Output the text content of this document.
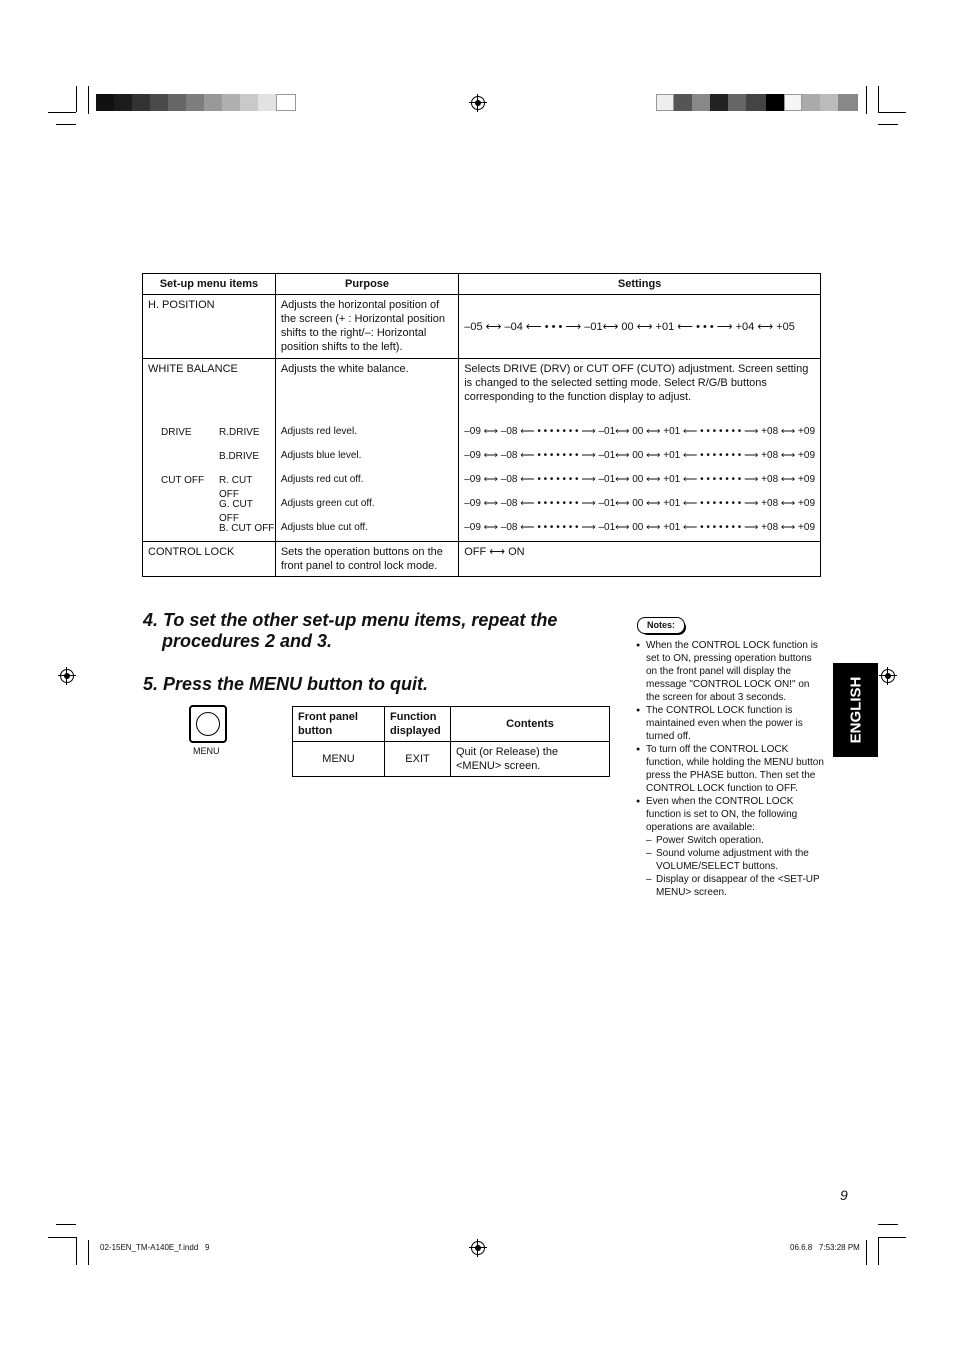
Set-up menu items	Purpose	Settings
H. POSITION	Adjusts the horizontal position of the screen (+ : Horizontal position shifts to the right/–: Horizontal position shifts to the left).	–05 ⟷ –04 ⟵ • • • ⟶ –01⟷ 00 ⟷ +01 ⟵ • • • ⟶ +04 ⟷ +05
WHITE BALANCE	Adjusts the white balance.	Selects DRIVE (DRV) or CUT OFF (CUTO) adjustment. Screen setting is changed to the selected setting mode. Select R/G/B buttons corresponding to the function display to adjust.

DRIVE R.DRIVE	Adjusts red level.	–09 ⟷ –08 ⟵ • • • • • • • ⟶ –01⟷ 00 ⟷ +01 ⟵ • • • • • • • ⟶ +08 ⟷ +09

B.DRIVE	Adjusts blue level.	–09 ⟷ –08 ⟵ • • • • • • • ⟶ –01⟷ 00 ⟷ +01 ⟵ • • • • • • • ⟶ +08 ⟷ +09

CUT OFF R. CUT OFF	Adjusts red cut off.	–09 ⟷ –08 ⟵ • • • • • • • ⟶ –01⟷ 00 ⟷ +01 ⟵ • • • • • • • ⟶ +08 ⟷ +09

G. CUT OFF	Adjusts green cut off.	–09 ⟷ –08 ⟵ • • • • • • • ⟶ –01⟷ 00 ⟷ +01 ⟵ • • • • • • • ⟶ +08 ⟷ +09

B. CUT OFF	Adjusts blue cut off.	–09 ⟷ –08 ⟵ • • • • • • • ⟶ –01⟷ 00 ⟷ +01 ⟵ • • • • • • • ⟶ +08 ⟷ +09
CONTROL LOCK	Sets the operation buttons on the front panel to control lock mode.	OFF ⟷ ON
4. To set the other set-up menu items, repeat the
procedures 2 and 3.
5. Press the MENU button to quit.
MENU
Front panel button	Function displayed	Contents
MENU	EXIT	Quit (or Release) the <MENU> screen.
Notes:

● When the CONTROL LOCK function is set to ON, pressing operation buttons on the front panel will display the message "CONTROL LOCK ON!" on the screen for about 3 seconds.

● The CONTROL LOCK function is maintained even when the power is turned off.

● To turn off the CONTROL LOCK function, while holding the MENU button press the PHASE button. Then set the CONTROL LOCK function to OFF.

● Even when the CONTROL LOCK function is set to ON, the following operations are available:

– Power Switch operation.
– Sound volume adjustment with the VOLUME/SELECT buttons.
– Display or disappear of the <SET-UP MENU> screen.
ENGLISH
9
02-15EN_TM-A140E_f.indd   9	06.6.8   7:53:28 PM
